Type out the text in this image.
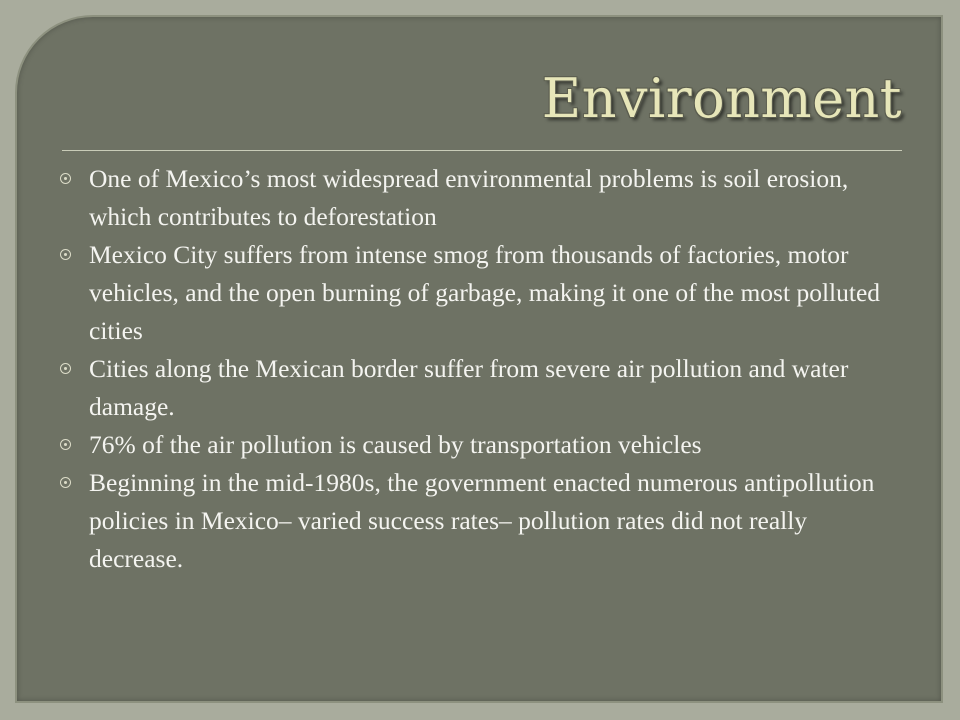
Environment
One of Mexico’s most widespread environmental problems is soil erosion, which contributes to deforestation
Mexico City suffers from intense smog from thousands of factories, motor vehicles, and the open burning of garbage, making it one of the most polluted cities
Cities along the Mexican border suffer from severe air pollution and water damage.
76% of the air pollution is caused by transportation vehicles
Beginning in the mid-1980s, the government enacted numerous antipollution policies in Mexico– varied success rates– pollution rates did not really decrease.
